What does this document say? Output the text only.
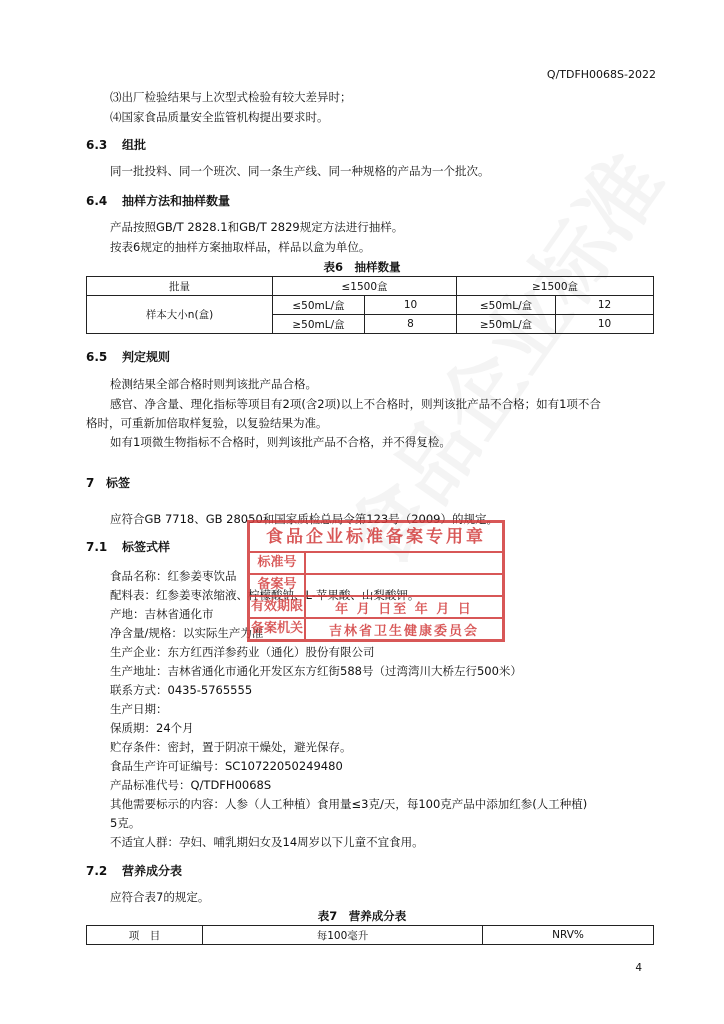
Q/TDFH0068S-2022
⑶出厂检验结果与上次型式检验有较大差异时；
⑷国家食品质量安全监管机构提出要求时。
6.3 组批
同一批投料、同一个班次、同一条生产线、同一种规格的产品为一个批次。
6.4 抽样方法和抽样数量
产品按照GB/T 2828.1和GB/T 2829规定方法进行抽样。
按表6规定的抽样方案抽取样品，样品以盒为单位。
表6　抽样数量
批量	≤1500盒		≥1500盒	
样本大小n(盒)	≤50mL/盒	10	≤50mL/盒	12
	≥50mL/盒	8	≥50mL/盒	10
6.5 判定规则
检测结果全部合格时则判该批产品合格。
感官、净含量、理化指标等项目有2项(含2项)以上不合格时，则判该批产品不合格；如有1项不合
格时，可重新加倍取样复验，以复验结果为准。
如有1项微生物指标不合格时，则判该批产品不合格，并不得复检。
7 标签
应符合GB 7718、GB 28050和国家质检总局令第123号（2009）的规定。
7.1 标签式样
食品名称：红参姜枣饮品
配料表：红参姜枣浓缩液、柠檬酸钠、L-苹果酸、山梨酸钾。
产地：吉林省通化市
净含量/规格：以实际生产为准
生产企业：东方红西洋参药业（通化）股份有限公司
生产地址：吉林省通化市通化开发区东方红街588号（过湾湾川大桥左行500米）
联系方式：0435-5765555
生产日期：
保质期：24个月
贮存条件：密封，置于阴凉干燥处，避光保存。
食品生产许可证编号：SC10722050249480
产品标准代号：Q/TDFH0068S
其他需要标示的内容：人参（人工种植）食用量≤3克/天，每100克产品中添加红参(人工种植)
5克。
不适宜人群：孕妇、哺乳期妇女及14周岁以下儿童不宜食用。
食品企业标准备案专用章
标准号
备案号
有效期限	年 月 日至 年 月 日
备案机关	吉林省卫生健康委员会
7.2 营养成分表
应符合表7的规定。
表7　营养成分表
项　目	每100毫升	NRV%
4
